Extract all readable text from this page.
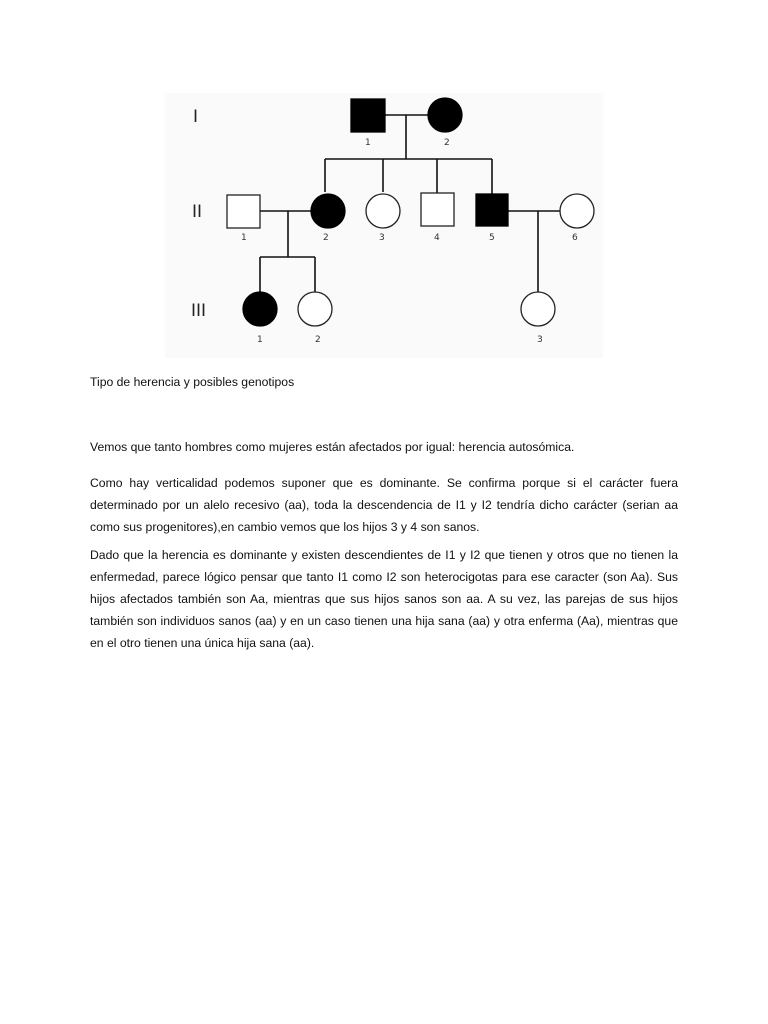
I
II
III
1	2
1	2	3	4	5	6
1	2	3
Tipo de herencia y posibles genotipos

Vemos que tanto hombres como mujeres están afectados por igual: herencia autosómica.

Como hay verticalidad podemos suponer que es dominante. Se confirma porque si el carácter fuera determinado por un alelo recesivo (aa), toda la descendencia de I1 y I2 tendría dicho carácter (serian aa como sus progenitores),en cambio vemos que los hijos 3 y 4 son sanos.

Dado que la herencia es dominante y existen descendientes de I1 y I2 que tienen y otros que no tienen la enfermedad, parece lógico pensar que tanto I1 como I2 son heterocigotas para ese caracter (son Aa). Sus hijos afectados también son Aa, mientras que sus hijos sanos son aa. A su vez, las parejas de sus hijos también son individuos sanos (aa) y en un caso tienen una hija sana (aa) y otra enferma (Aa), mientras que en el otro tienen una única hija sana (aa).
